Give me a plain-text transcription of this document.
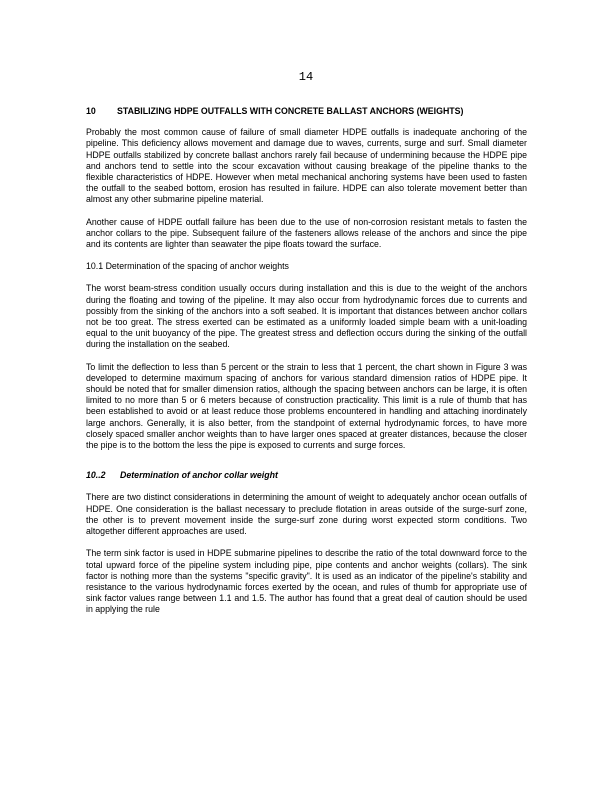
14
10 STABILIZING HDPE OUTFALLS WITH CONCRETE BALLAST ANCHORS (WEIGHTS)

Probably the most common cause of failure of small diameter HDPE outfalls is inadequate anchoring of the pipeline. This deficiency allows movement and damage due to waves, currents, surge and surf. Small diameter HDPE outfalls stabilized by concrete ballast anchors rarely fail because of undermining because the HDPE pipe and anchors tend to settle into the scour excavation without causing breakage of the pipeline thanks to the flexible characteristics of HDPE. However when metal mechanical anchoring systems have been used to fasten the outfall to the seabed bottom, erosion has resulted in failure. HDPE can also tolerate movement better than almost any other submarine pipeline material.

Another cause of HDPE outfall failure has been due to the use of non-corrosion resistant metals to fasten the anchor collars to the pipe. Subsequent failure of the fasteners allows release of the anchors and since the pipe and its contents are lighter than seawater the pipe floats toward the surface.

10.1 Determination of the spacing of anchor weights

The worst beam-stress condition usually occurs during installation and this is due to the weight of the anchors during the floating and towing of the pipeline. It may also occur from hydrodynamic forces due to currents and possibly from the sinking of the anchors into a soft seabed. It is important that distances between anchor collars not be too great. The stress exerted can be estimated as a uniformly loaded simple beam with a unit-loading equal to the unit buoyancy of the pipe. The greatest stress and deflection occurs during the sinking of the outfall during the installation on the seabed.

To limit the deflection to less than 5 percent or the strain to less that 1 percent, the chart shown in Figure 3 was developed to determine maximum spacing of anchors for various standard dimension ratios of HDPE pipe. It should be noted that for smaller dimension ratios, although the spacing between anchors can be large, it is often limited to no more than 5 or 6 meters because of construction practicality. This limit is a rule of thumb that has been established to avoid or at least reduce those problems encountered in handling and attaching inordinately large anchors. Generally, it is also better, from the standpoint of external hydrodynamic forces, to have more closely spaced smaller anchor weights than to have larger ones spaced at greater distances, because the closer the pipe is to the bottom the less the pipe is exposed to currents and surge forces.

10..2 Determination of anchor collar weight

There are two distinct considerations in determining the amount of weight to adequately anchor ocean outfalls of HDPE. One consideration is the ballast necessary to preclude flotation in areas outside of the surge-surf zone, the other is to prevent movement inside the surge-surf zone during worst expected storm conditions. Two altogether different approaches are used.

The term sink factor is used in HDPE submarine pipelines to describe the ratio of the total downward force to the total upward force of the pipeline system including pipe, pipe contents and anchor weights (collars). The sink factor is nothing more than the systems "specific gravity". It is used as an indicator of the pipeline's stability and resistance to the various hydrodynamic forces exerted by the ocean, and rules of thumb for appropriate use of sink factor values range between 1.1 and 1.5. The author has found that a great deal of caution should be used in applying the rule
